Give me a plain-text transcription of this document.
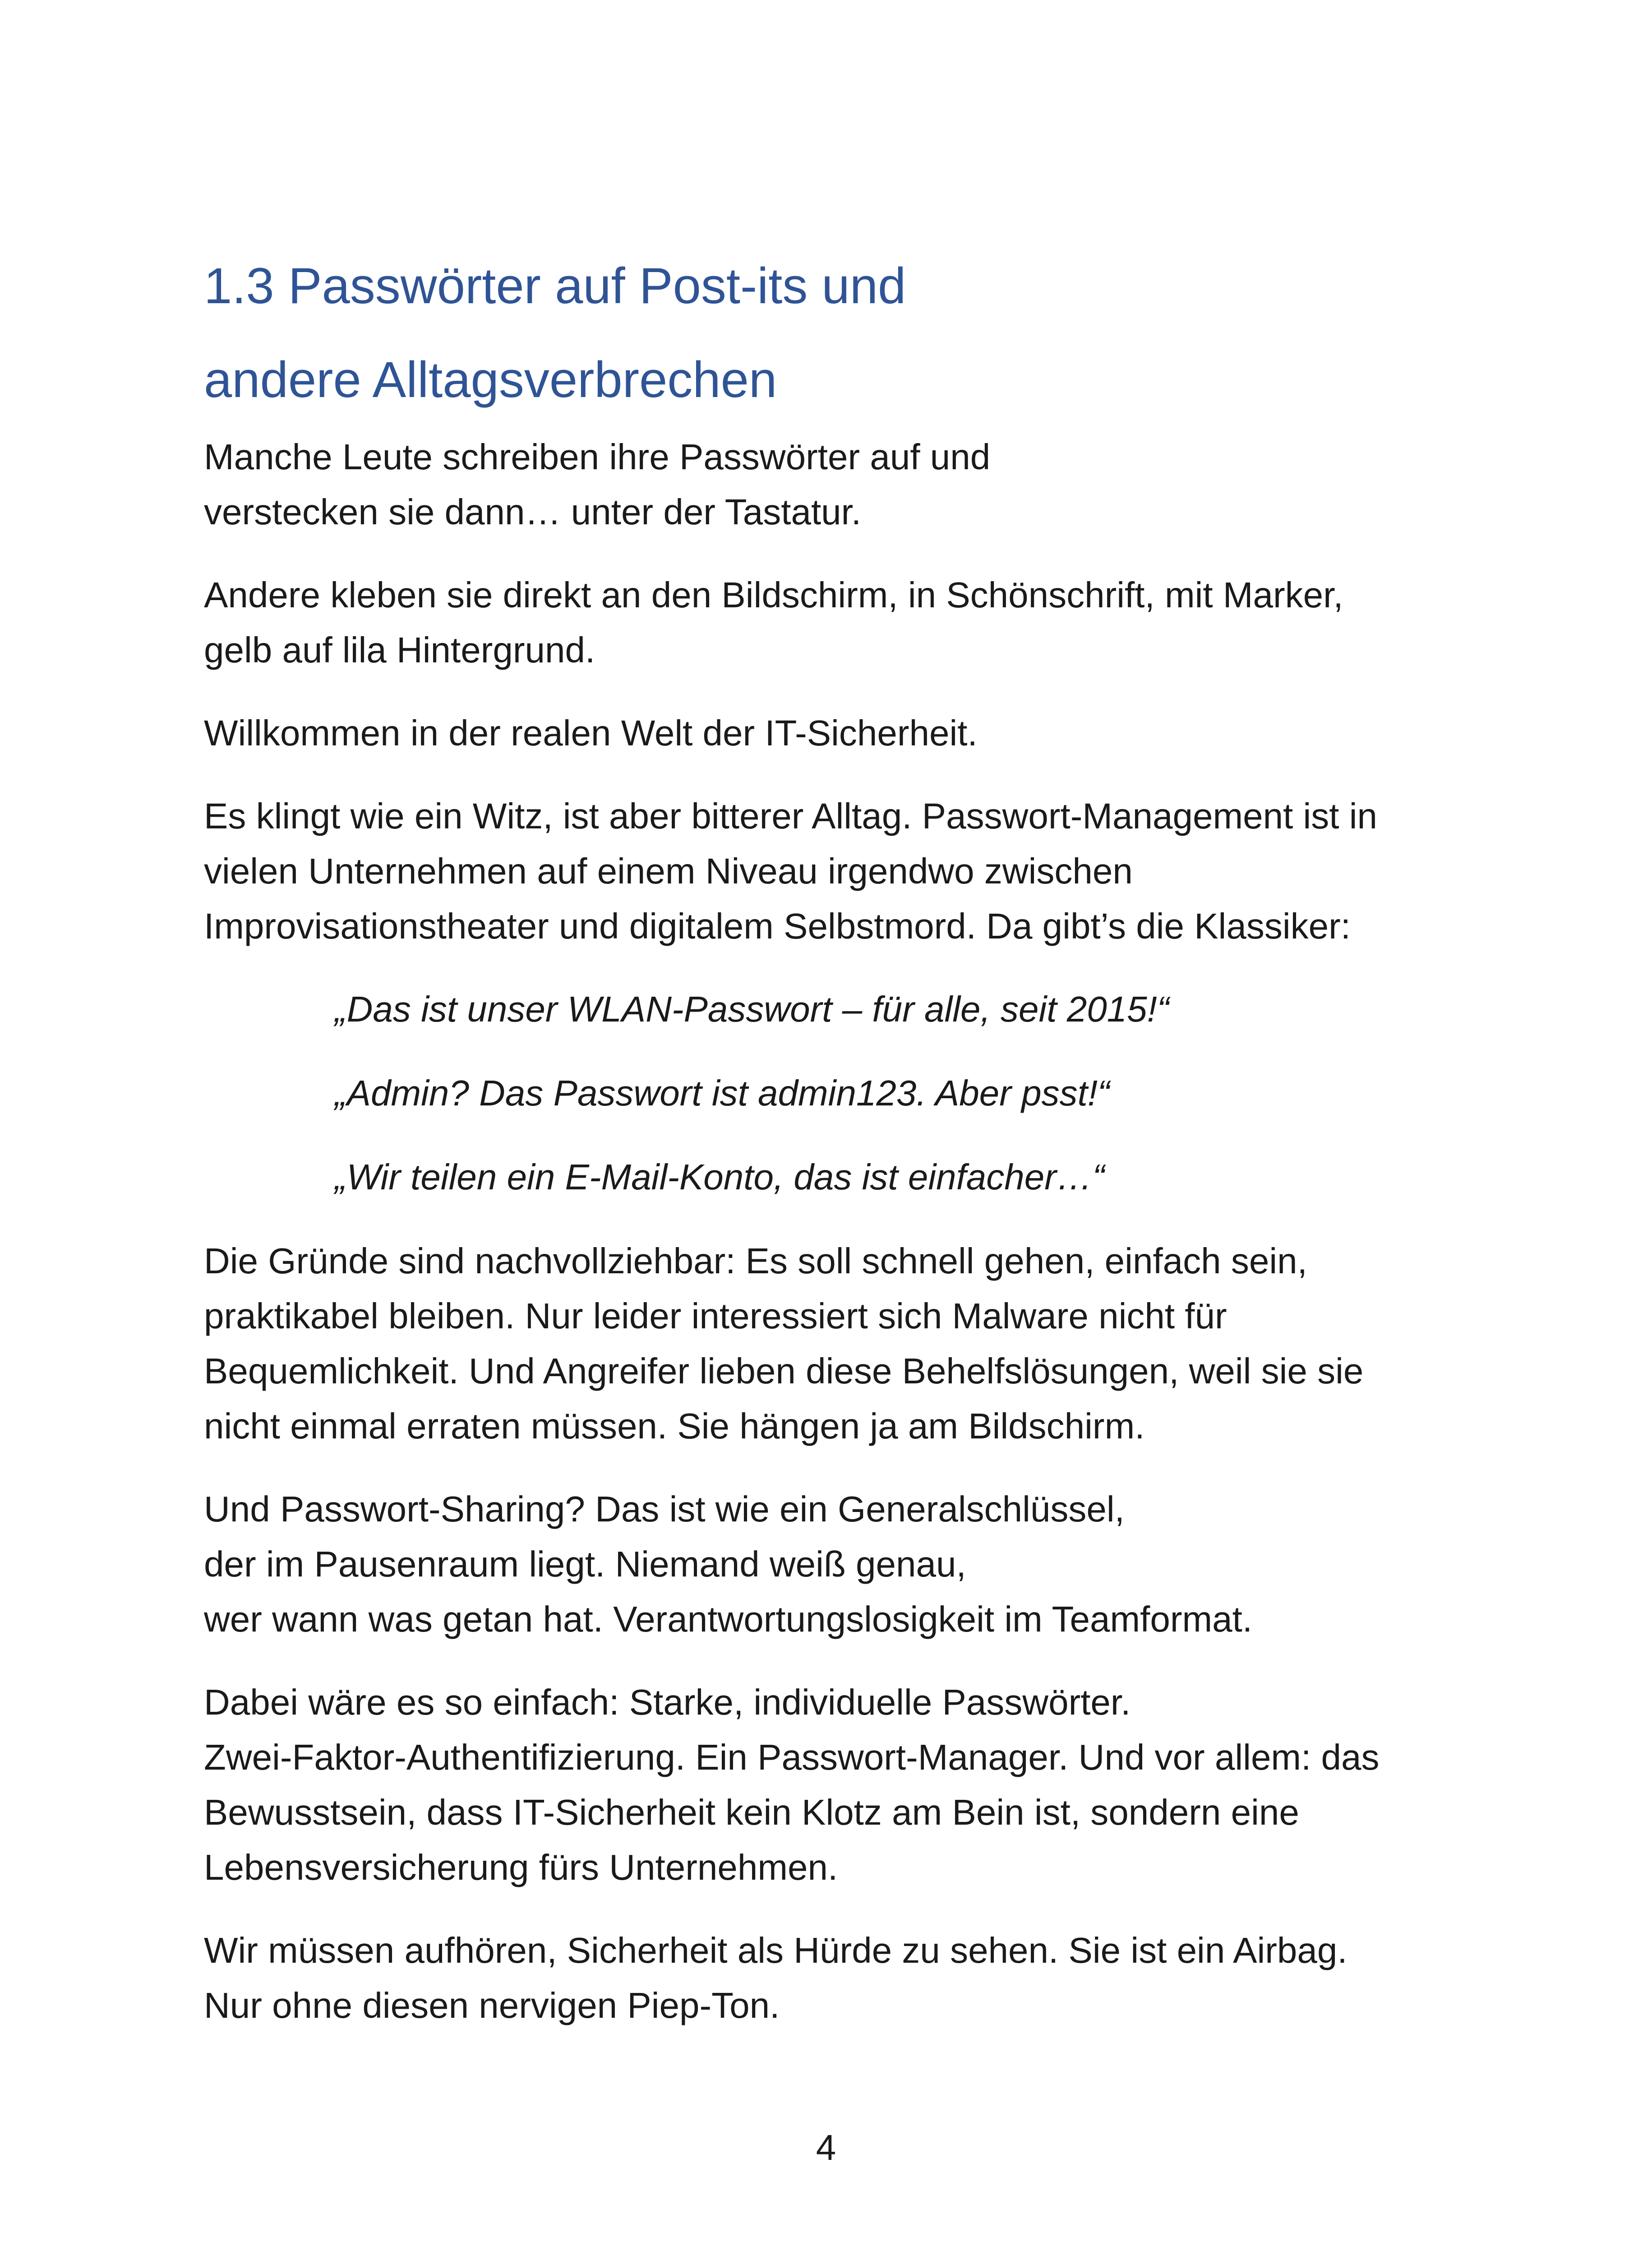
1.3 Passwörter auf Post-its und
andere Alltagsverbrechen

Manche Leute schreiben ihre Passwörter auf und
verstecken sie dann… unter der Tastatur.

Andere kleben sie direkt an den Bildschirm, in Schönschrift, mit Marker,
gelb auf lila Hintergrund.

Willkommen in der realen Welt der IT-Sicherheit.

Es klingt wie ein Witz, ist aber bitterer Alltag. Passwort-Management ist in
vielen Unternehmen auf einem Niveau irgendwo zwischen
Improvisationstheater und digitalem Selbstmord. Da gibt’s die Klassiker:

„Das ist unser WLAN-Passwort – für alle, seit 2015!“

„Admin? Das Passwort ist admin123. Aber psst!“

„Wir teilen ein E-Mail-Konto, das ist einfacher…“

Die Gründe sind nachvollziehbar: Es soll schnell gehen, einfach sein,
praktikabel bleiben. Nur leider interessiert sich Malware nicht für
Bequemlichkeit. Und Angreifer lieben diese Behelfslösungen, weil sie sie
nicht einmal erraten müssen. Sie hängen ja am Bildschirm.

Und Passwort-Sharing? Das ist wie ein Generalschlüssel,
der im Pausenraum liegt. Niemand weiß genau,
wer wann was getan hat. Verantwortungslosigkeit im Teamformat.

Dabei wäre es so einfach: Starke, individuelle Passwörter.
Zwei-Faktor-Authentifizierung. Ein Passwort-Manager. Und vor allem: das
Bewusstsein, dass IT-Sicherheit kein Klotz am Bein ist, sondern eine
Lebensversicherung fürs Unternehmen.

Wir müssen aufhören, Sicherheit als Hürde zu sehen. Sie ist ein Airbag.
Nur ohne diesen nervigen Piep-Ton.

4
